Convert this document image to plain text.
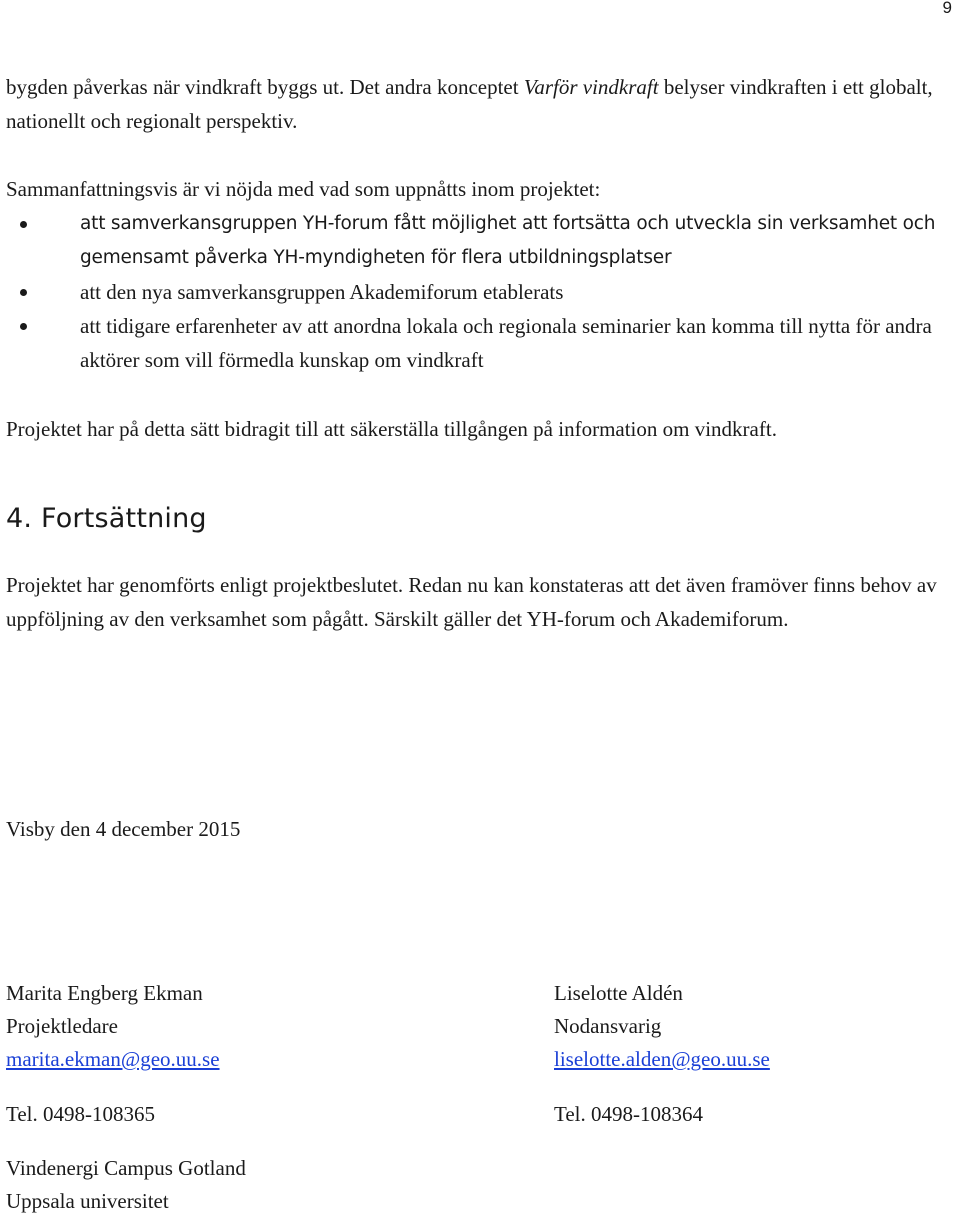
9

bygden påverkas när vindkraft byggs ut. Det andra konceptet Varför vindkraft belyser vindkraften i ett globalt, nationellt och regionalt perspektiv.

Sammanfattningsvis är vi nöjda med vad som uppnåtts inom projektet:

att samverkansgruppen YH-forum fått möjlighet att fortsätta och utveckla sin verksamhet och gemensamt påverka YH-myndigheten för flera utbildningsplatser
att den nya samverkansgruppen Akademiforum etablerats
att tidigare erfarenheter av att anordna lokala och regionala seminarier kan komma till nytta för andra aktörer som vill förmedla kunskap om vindkraft

Projektet har på detta sätt bidragit till att säkerställa tillgången på information om vindkraft.

4. Fortsättning

Projektet har genomförts enligt projektbeslutet. Redan nu kan konstateras att det även framöver finns behov av uppföljning av den verksamhet som pågått. Särskilt gäller det YH-forum och Akademiforum.

Visby den 4 december 2015
Marita Engberg Ekman
Projektledare
marita.ekman@geo.uu.se
Tel. 0498-108365
Liselotte Aldén
Nodansvarig
liselotte.alden@geo.uu.se
Tel. 0498-108364
Vindenergi Campus Gotland
Uppsala universitet
